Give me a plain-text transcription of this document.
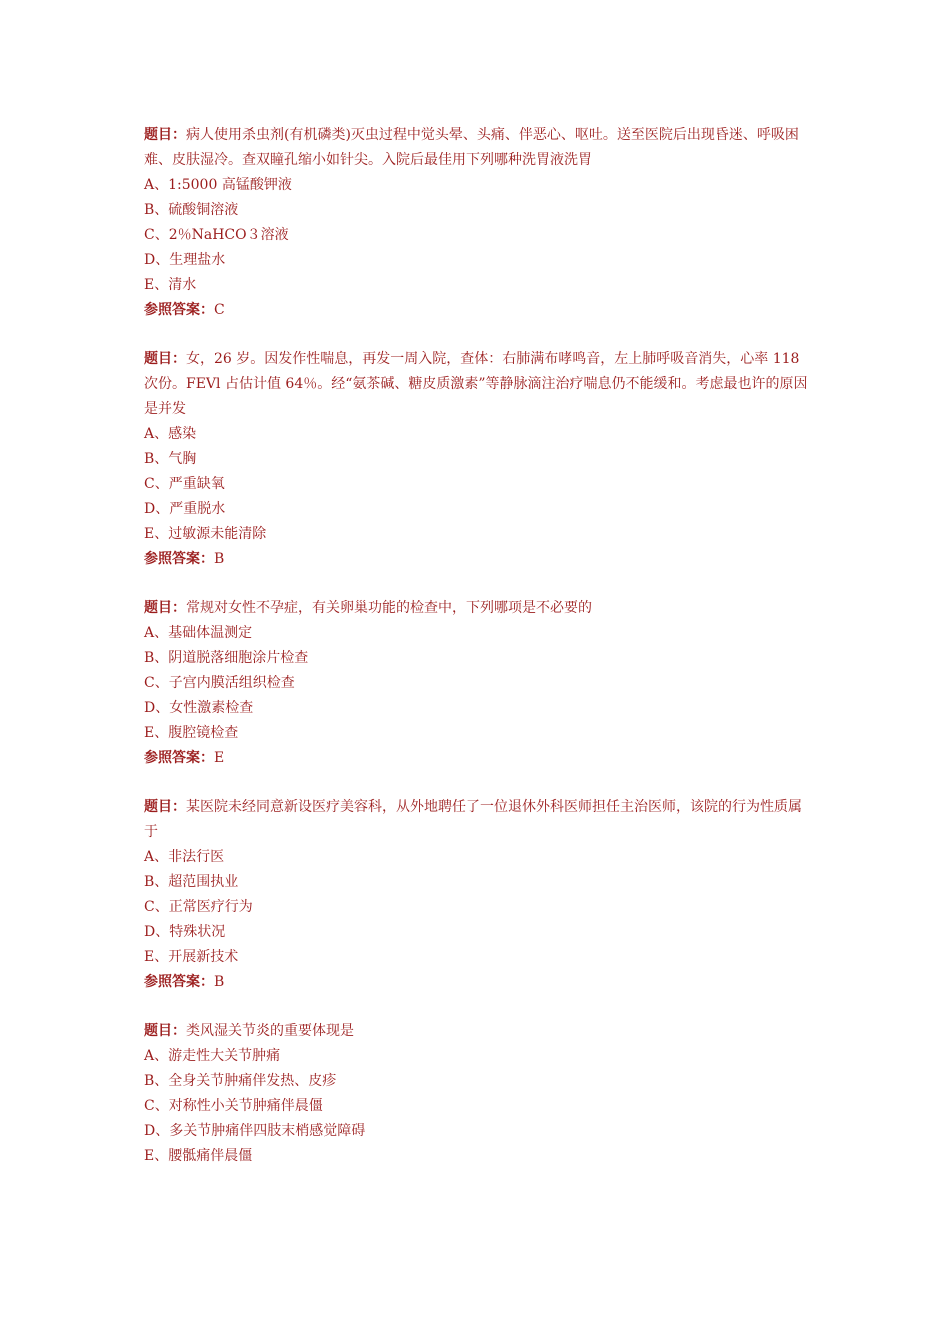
题目：病人使用杀虫剂(有机磷类)灭虫过程中觉头晕、头痛、伴恶心、呕吐。送至医院后出现昏迷、呼吸困难、皮肤湿冷。查双瞳孔缩小如针尖。入院后最佳用下列哪种洗胃液洗胃
A、1:5000 高锰酸钾液
B、硫酸铜溶液
C、2％NaHCO３溶液
D、生理盐水
E、清水
参照答案：C
题目：女，26 岁。因发作性喘息，再发一周入院，查体：右肺满布哮鸣音，左上肺呼吸音消失，心率 118次份。FEVl 占估计值 64％。经“氨茶碱、糖皮质激素”等静脉滴注治疗喘息仍不能缓和。考虑最也许的原因是并发
A、感染
B、气胸
C、严重缺氧
D、严重脱水
E、过敏源未能清除
参照答案：B
题目：常规对女性不孕症，有关卵巢功能的检查中，下列哪项是不必要的
A、基础体温测定
B、阴道脱落细胞涂片检查
C、子宫内膜活组织检查
D、女性激素检查
E、腹腔镜检查
参照答案：E
题目：某医院未经同意新设医疗美容科，从外地聘任了一位退休外科医师担任主治医师，该院的行为性质属于
A、非法行医
B、超范围执业
C、正常医疗行为
D、特殊状况
E、开展新技术
参照答案：B
题目：类风湿关节炎的重要体现是
A、游走性大关节肿痛
B、全身关节肿痛伴发热、皮疹
C、对称性小关节肿痛伴晨僵
D、多关节肿痛伴四肢末梢感觉障碍
E、腰骶痛伴晨僵
